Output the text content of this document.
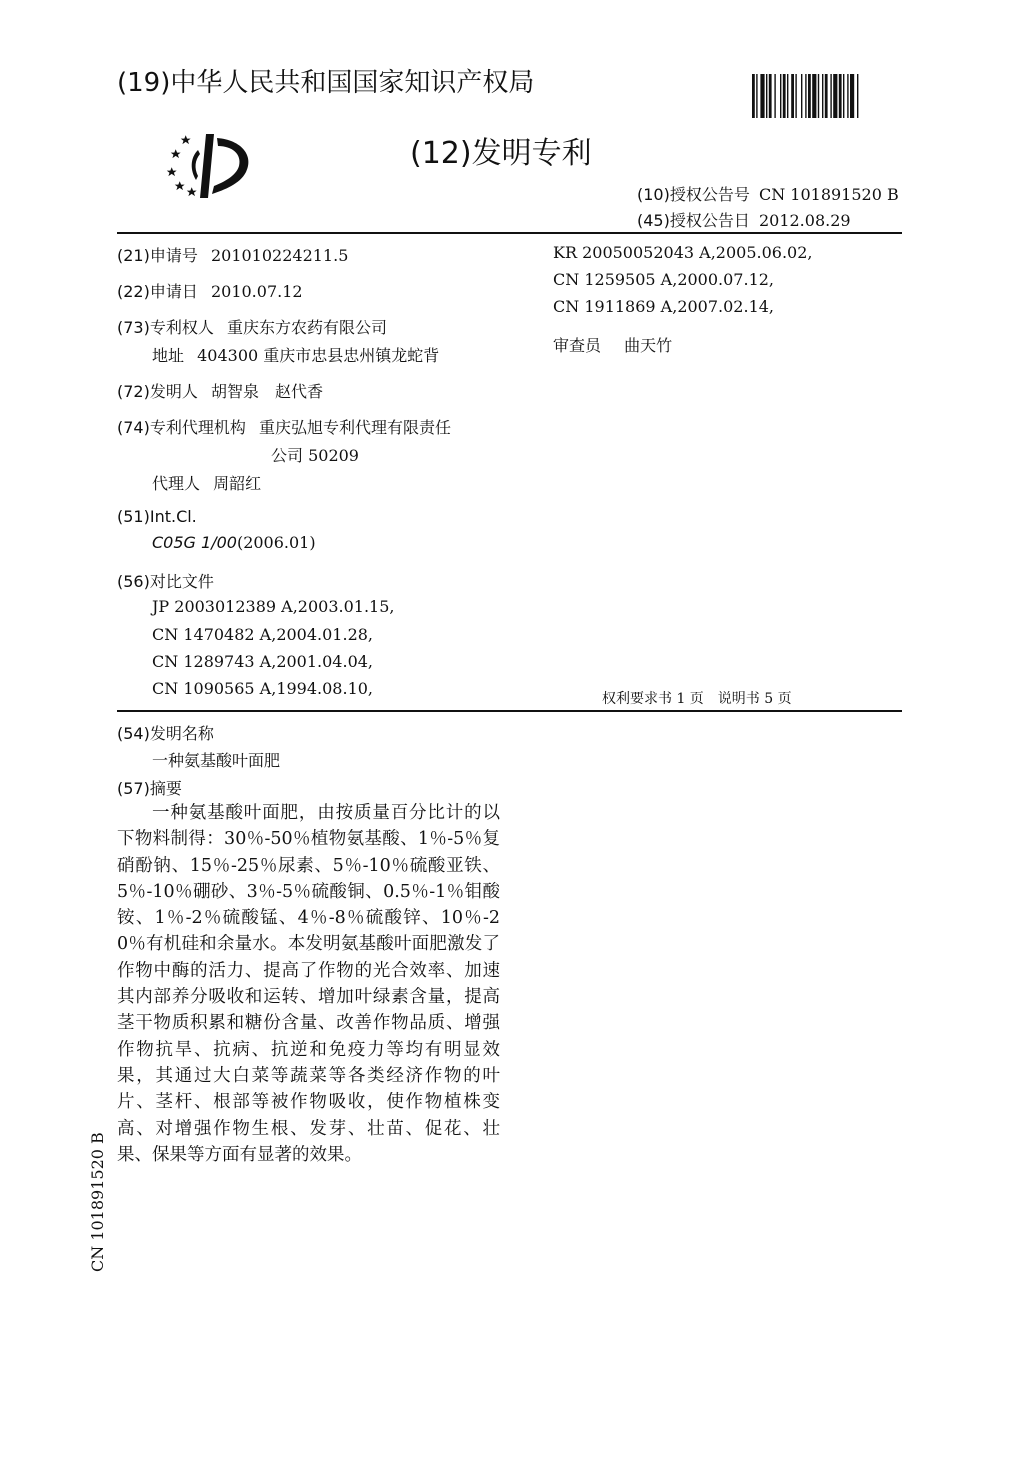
(19)中华人民共和国国家知识产权局
(12)发明专利
(10)授权公告号 CN 101891520 B
(45)授权公告日 2012.08.29
(21)申请号 201010224211.5
(22)申请日 2010.07.12
(73)专利权人 重庆东方农药有限公司
地址 404300 重庆市忠县忠州镇龙蛇背
(72)发明人 胡智泉　赵代香
(74)专利代理机构 重庆弘旭专利代理有限责任
公司 50209
代理人 周韶红
(51)Int.Cl.
C05G 1/00(2006.01)
(56)对比文件
JP 2003012389 A,2003.01.15,
CN 1470482 A,2004.01.28,
CN 1289743 A,2001.04.04,
CN 1090565 A,1994.08.10,
KR 20050052043 A,2005.06.02,
CN 1259505 A,2000.07.12,
CN 1911869 A,2007.02.14,
审查员 曲天竹
权利要求书 1 页　说明书 5 页
(54)发明名称
一种氨基酸叶面肥
(57)摘要
一种氨基酸叶面肥，由按质量百分比计的以下物料制得：30％-50％植物氨基酸、1％-5％复硝酚钠、15％-25％尿素、5％-10％硫酸亚铁、5％-10％硼砂、3％-5％硫酸铜、0.5％-1％钼酸铵、1％-2％硫酸锰、4％-8％硫酸锌、10％-20％有机硅和余量水。本发明氨基酸叶面肥激发了作物中酶的活力、提高了作物的光合效率、加速其内部养分吸收和运转、增加叶绿素含量，提高茎干物质积累和糖份含量、改善作物品质、增强作物抗旱、抗病、抗逆和免疫力等均有明显效果，其通过大白菜等蔬菜等各类经济作物的叶片、茎杆、根部等被作物吸收，使作物植株变高、对增强作物生根、发芽、壮苗、促花、壮果、保果等方面有显著的效果。
CN 101891520 B
